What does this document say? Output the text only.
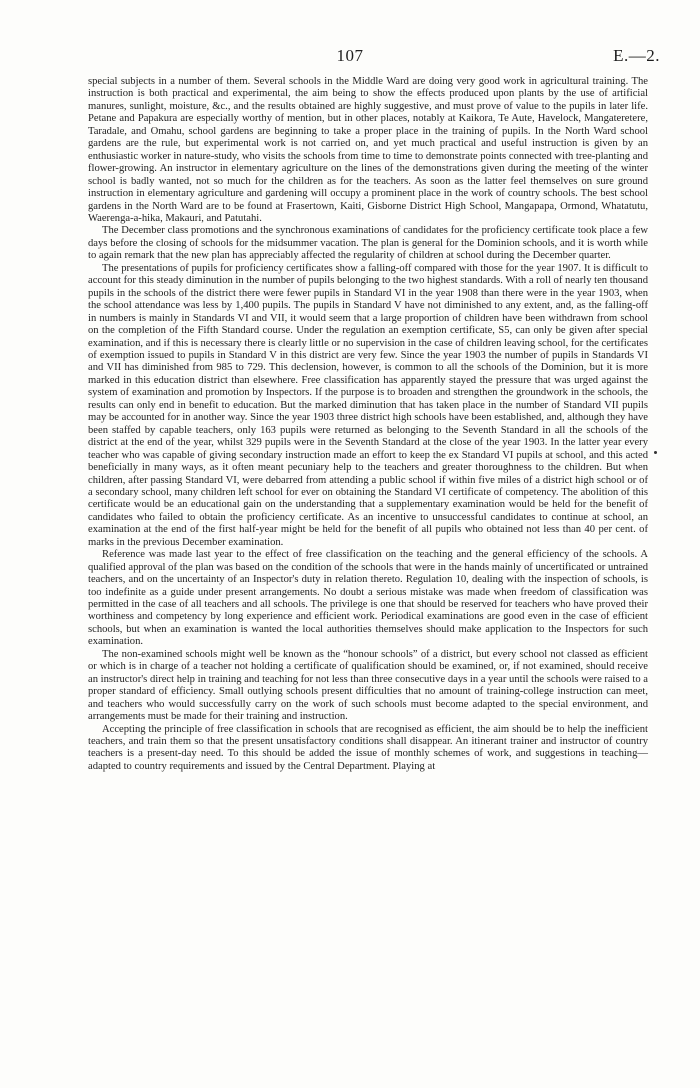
107	E.—2.

special subjects in a number of them. Several schools in the Middle Ward are doing very good work in agricultural training. The instruction is both practical and experimental, the aim being to show the effects produced upon plants by the use of artificial manures, sunlight, moisture, &c., and the results obtained are highly suggestive, and must prove of value to the pupils in later life. Petane and Papakura are especially worthy of mention, but in other places, notably at Kaikora, Te Aute, Havelock, Mangateretere, Taradale, and Omahu, school gardens are beginning to take a proper place in the training of pupils. In the North Ward school gardens are the rule, but experimental work is not carried on, and yet much practical and useful instruction is given by an enthusiastic worker in nature-study, who visits the schools from time to time to demonstrate points connected with tree-planting and flower-growing. An instructor in elementary agriculture on the lines of the demonstrations given during the meeting of the winter school is badly wanted, not so much for the children as for the teachers. As soon as the latter feel themselves on sure ground instruction in elementary agriculture and gardening will occupy a prominent place in the work of country schools. The best school gardens in the North Ward are to be found at Frasertown, Kaiti, Gisborne District High School, Mangapapa, Ormond, Whatatutu, Waerenga-a-hika, Makauri, and Patutahi.

The December class promotions and the synchronous examinations of candidates for the proficiency certificate took place a few days before the closing of schools for the midsummer vacation. The plan is general for the Dominion schools, and it is worth while to again remark that the new plan has appreciably affected the regularity of children at school during the December quarter.

The presentations of pupils for proficiency certificates show a falling-off compared with those for the year 1907. It is difficult to account for this steady diminution in the number of pupils belonging to the two highest standards. With a roll of nearly ten thousand pupils in the schools of the district there were fewer pupils in Standard VI in the year 1908 than there were in the year 1903, when the school attendance was less by 1,400 pupils. The pupils in Standard V have not diminished to any extent, and, as the falling-off in numbers is mainly in Standards VI and VII, it would seem that a large proportion of children have been withdrawn from school on the completion of the Fifth Standard course. Under the regulation an exemption certificate, S5, can only be given after special examination, and if this is necessary there is clearly little or no supervision in the case of children leaving school, for the certificates of exemption issued to pupils in Standard V in this district are very few. Since the year 1903 the number of pupils in Standards VI and VII has diminished from 985 to 729. This declension, however, is common to all the schools of the Dominion, but it is more marked in this education district than elsewhere. Free classification has apparently stayed the pressure that was urged against the system of examination and promotion by Inspectors. If the purpose is to broaden and strengthen the groundwork in the schools, the results can only end in benefit to education. But the marked diminution that has taken place in the number of Standard VII pupils may be accounted for in another way. Since the year 1903 three district high schools have been established, and, although they have been staffed by capable teachers, only 163 pupils were returned as belonging to the Seventh Standard in all the schools of the district at the end of the year, whilst 329 pupils were in the Seventh Standard at the close of the year 1903. In the latter year every teacher who was capable of giving secondary instruction made an effort to keep the ex Standard VI pupils at school, and this acted beneficially in many ways, as it often meant pecuniary help to the teachers and greater thoroughness to the children. But when children, after passing Standard VI, were debarred from attending a public school if within five miles of a district high school or of a secondary school, many children left school for ever on obtaining the Standard VI certificate of competency. The abolition of this certificate would be an educational gain on the understanding that a supplementary examination would be held for the benefit of candidates who failed to obtain the proficiency certificate. As an incentive to unsuccessful candidates to continue at school, an examination at the end of the first half-year might be held for the benefit of all pupils who obtained not less than 40 per cent. of marks in the previous December examination.

Reference was made last year to the effect of free classification on the teaching and the general efficiency of the schools. A qualified approval of the plan was based on the condition of the schools that were in the hands mainly of uncertificated or untrained teachers, and on the uncertainty of an Inspector's duty in relation thereto. Regulation 10, dealing with the inspection of schools, is too indefinite as a guide under present arrangements. No doubt a serious mistake was made when freedom of classification was permitted in the case of all teachers and all schools. The privilege is one that should be reserved for teachers who have proved their worthiness and competency by long experience and efficient work. Periodical examinations are good even in the case of efficient schools, but when an examination is wanted the local authorities themselves should make application to the Inspectors for such examination.

The non-examined schools might well be known as the “honour schools” of a district, but every school not classed as efficient or which is in charge of a teacher not holding a certificate of qualification should be examined, or, if not examined, should receive an instructor's direct help in training and teaching for not less than three consecutive days in a year until the schools were raised to a proper standard of efficiency. Small outlying schools present difficulties that no amount of training-college instruction can meet, and teachers who would successfully carry on the work of such schools must become adapted to the special environment, and arrangements must be made for their training and instruction.

Accepting the principle of free classification in schools that are recognised as efficient, the aim should be to help the inefficient teachers, and train them so that the present unsatisfactory conditions shall disappear. An itinerant trainer and instructor of country teachers is a present-day need. To this should be added the issue of monthly schemes of work, and suggestions in teaching—adapted to country requirements and issued by the Central Department. Playing at
